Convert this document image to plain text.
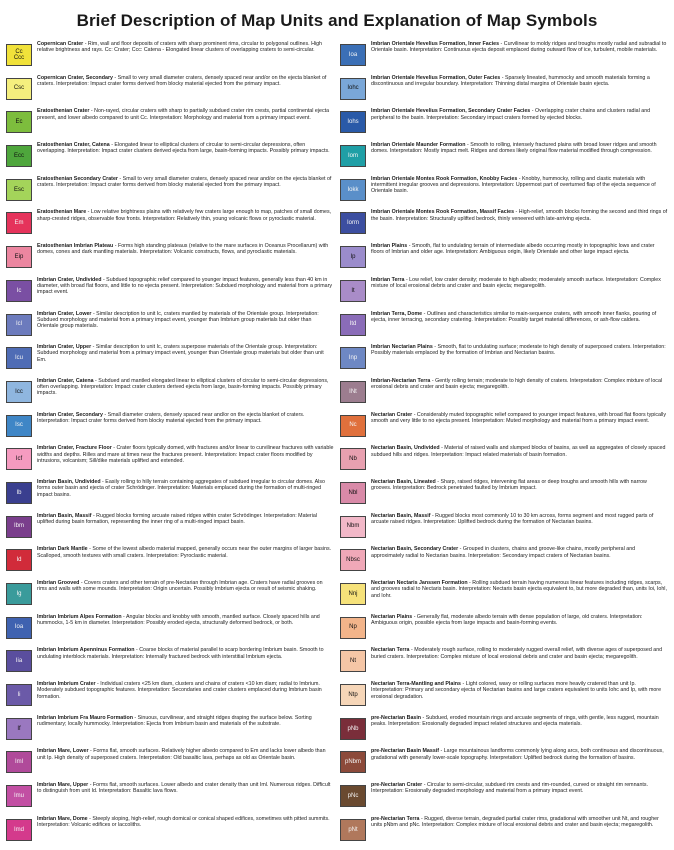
Brief Description of Map Units and Explanation of Map Symbols
Cc
Ccc
Copernican Crater - Rim, wall and floor deposits of craters with sharp prominent rims, circular to polygonal outlines. High relative brightness and rays. Cc: Crater; Ccc: Catena - Elongated linear clusters of overlapping craters to semi-circular.
Csc
Copernican Crater, Secondary - Small to very small diameter craters, densely spaced near and/or on the ejecta blanket of craters. Interpretation: Impact crater forms derived from blocky material ejected from the primary impact.
Ec
Eratosthenian Crater - Non-rayed, circular craters with sharp to partially subdued crater rim crests, partial continental ejecta present, and lower albedo compared to unit Cc. Interpretation: Morphology and material from a primary impact event.
Ecc
Eratosthenian Crater, Catena - Elongated linear to elliptical clusters of circular to semi-circular depressions, often overlapping. Interpretation: Impact crater clusters derived ejecta from large, basin-forming impacts. Possibly primary impacts.
Esc
Eratosthenian Secondary Crater - Small to very small diameter craters, densely spaced near and/or on the ejecta blanket of craters. Interpretation: Impact crater forms derived from blocky material ejected from the primary impact.
Em
Eratosthenian Mare - Low relative brightness plains with relatively few craters large enough to map, patches of small domes, sharp-crested ridges, observable flow fronts. Interpretation: Relatively thin, young volcanic flows or pyroclastic material.
Eip
Eratosthenian Imbrian Plateau - Forms high standing plateaus (relative to the mare surfaces in Oceanus Procellarum) with domes, cones and dark mantling materials. Interpretation: Volcanic constructs, flows, and pyroclastic materials.
Ic
Imbrian Crater, Undivided - Subdued topographic relief compared to younger impact features, generally less than 40 km in diameter, with broad flat floors, and little to no ejecta present. Interpretation: Subdued morphology and material from a primary impact event.
Icl
Imbrian Crater, Lower - Similar description to unit Ic, craters mantled by materials of the Orientale group. Interpretation: Subdued morphology and material from a primary impact event, younger than Imbrium group materials but older than Orientale group materials.
Icu
Imbrian Crater, Upper - Similar description to unit Ic, craters superpose materials of the Orientale group. Interpretation: Subdued morphology and material from a primary impact event, younger than Orientale group materials but older than unit Em.
Icc
Imbrian Crater, Catena - Subdued and mantled elongated linear to elliptical clusters of circular to semi-circular depressions, often overlapping. Interpretation: Impact crater clusters derived ejecta from large, basin-forming impacts. Possibly primary impacts.
Isc
Imbrian Crater, Secondary - Small diameter craters, densely spaced near and/or on the ejecta blanket of craters. Interpretation: Impact crater forms derived from blocky material ejected from the primary impact.
Icf
Imbrian Crater, Fracture Floor - Crater floors typically domed, with fractures and/or linear to curvilinear fractures with variable widths and depths. Rilles and mare at times near the fractures present. Interpretation: Impact crater floors modified by intrusions, volcanism; Sill/dike materials uplifted and extended.
Ib
Imbrian Basin, Undivided - Easily rolling to hilly terrain containing aggregates of subdued irregular to circular domes. Also forms outer basin and ejecta of crater Schrödinger. Interpretation: Materials emplaced during the formation of multi-ringed impact basins.
Ibm
Imbrian Basin, Massif - Rugged blocks forming arcuate raised ridges within crater Schrödinger. Interpretation: Material uplifted during basin formation, representing the inner ring of a multi-ringed impact basin.
Id
Imbrian Dark Mantle - Some of the lowest albedo material mapped, generally occurs near the outer margins of larger basins. Scalloped, smooth textures with small craters. Interpretation: Pyroclastic material.
Ig
Imbrian Grooved - Covers craters and other terrain of pre-Nectarian through Imbrian age. Craters have radial grooves on rims and walls with some mounds. Interpretation: Origin uncertain. Possibly Imbrium ejecta or result of seismic shaking.
Ioa
Imbrian Imbrium Alpes Formation - Angular blocks and knobby with smooth, mantled surface. Closely spaced hills and hummocks, 1-5 km in diameter. Interpretation: Possibly eroded ejecta, structurally deformed bedrock, or both.
Iia
Imbrian Imbrium Apenninus Formation - Coarse blocks of material parallel to scarp bordering Imbrium basin. Smooth to undulating interblock materials. Interpretation: Internally fractured bedrock with interstitial Imbrium ejecta.
Ii
Imbrian Imbrium Crater - Individual craters <25 km diam, clusters and chains of craters <10 km diam; radial to Imbrium. Moderately subdued topographic features. Interpretation: Secondaries and crater clusters emplaced during Imbrium basin formation.
If
Imbrian Imbrium Fra Mauro Formation - Sinuous, curvilinear, and straight ridges draping the surface below. Sorting rudimentary; locally hummocky. Interpretation: Ejecta from Imbrium basin and materials of the substrate.
Iml
Imbrian Mare, Lower - Forms flat, smooth surfaces. Relatively higher albedo compared to Em and lacks lower albedo than unit Ip. High density of superposed craters. Interpretation: Old basaltic lava, perhaps as old as Orientale basin.
Imu
Imbrian Mare, Upper - Forms flat, smooth surfaces. Lower albedo and crater density than unit Iml. Numerous ridges. Difficult to distinguish from unit Id. Interpretation: Basaltic lava flows.
Imd
Imbrian Mare, Dome - Steeply sloping, high-relief, rough domical or conical shaped edifices, sometimes with pitted summits. Interpretation: Volcanic edifices or laccoliths.
Ioa
Imbrian Orientale Hevelius Formation, Inner Facies - Curvilinear to moldy ridges and troughs mostly radial and subradial to Orientale basin. Interpretation: Continuous ejecta deposit emplaced during outward flow of ice, turbulent, mobile materials.
Iohc
Imbrian Orientale Hevelius Formation, Outer Facies - Sparsely lineated, hummocky and smooth materials forming a discontinuous and irregular boundary. Interpretation: Thinning distal margins of Orientale basin ejecta.
Iohs
Imbrian Orientale Hevelius Formation, Secondary Crater Facies - Overlapping crater chains and clusters radial and peripheral to the basin. Interpretation: Secondary impact craters formed by ejected blocks.
Iom
Imbrian Orientale Maunder Formation - Smooth to rolling, intensely fractured plains with broad lower ridges and smooth domes. Interpretation: Mostly impact melt. Ridges and domes likely original flow material modified through compression.
Iokk
Imbrian Orientale Montes Rook Formation, Knobby Facies - Knobby, hummocky, rolling and clastic materials with intermittent irregular grooves and depressions. Interpretation: Uppermost part of overturned flap of the ejecta sequence of Orientale basin.
Iorm
Imbrian Orientale Montes Rook Formation, Massif Facies - High-relief, smooth blocks forming the second and third rings of the basin. Interpretation: Structurally uplifted bedrock, thinly veneered with late-arriving ejecta.
Ip
Imbrian Plains - Smooth, flat to undulating terrain of intermediate albedo occurring mostly in topographic lows and crater floors of Imbrian and older age. Interpretation: Ambiguous origin, likely Orientale and other large impact ejecta.
It
Imbrian Terra - Low relief, low crater density; moderate to high albedo; moderately smooth surface. Interpretation: Complex mixture of local erosional debris and crater and basin ejecta; megaregolith.
Itd
Imbrian Terra, Dome - Outlines and characteristics similar to main-sequence craters, with smooth inner flanks, pouring of ejecta, inner terracing, secondary cratering. Interpretation: Possibly target material differences, or ash-flow caldera.
Inp
Imbrian Nectarian Plains - Smooth, flat to undulating surface; moderate to high density of superposed craters. Interpretation: Possibly materials emplaced by the formation of Imbrian and Nectarian basins.
INt
Imbrian-Nectarian Terra - Gently rolling terrain; moderate to high density of craters. Interpretation: Complex mixture of local erosional debris and crater and basin ejecta; megaregolith.
Nc
Nectarian Crater - Considerably muted topographic relief compared to younger impact features, with broad flat floors typically smooth and very little to no ejecta present. Interpretation: Muted morphology and material from a primary impact event.
Nb
Nectarian Basin, Undivided - Material of raised walls and slumped blocks of basins, as well as aggregates of closely spaced subdued hills and ridges. Interpretation: Impact related materials of basin formation.
Nbl
Nectarian Basin, Lineated - Sharp, raised ridges, intervening flat areas or deep troughs and smooth hills with narrow grooves. Interpretation: Bedrock penetrated faulted by Imbrium impact.
Nbm
Nectarian Basin, Massif - Rugged blocks most commonly 10 to 30 km across, forms segment and most rugged parts of arcuate raised ridges. Interpretation: Uplifted bedrock during the formation of Nectarian basins.
Nbsc
Nectarian Basin, Secondary Crater - Grouped in clusters, chains and groove-like chains, mostly peripheral and approximately radial to Nectarian basins. Interpretation: Secondary impact craters of Nectarian basins.
Nnj
Nectarian Nectaris Janssen Formation - Rolling subdued terrain having numerous linear features including ridges, scarps, and grooves radial to Nectaris basin. Interpretation: Nectaris basin ejecta equivalent to, but more degraded than, units Ioi, Iohl, and Iohr.
Np
Nectarian Plains - Generally flat, moderate albedo terrain with dense population of large, old craters. Interpretation: Ambiguous origin, possible ejecta from large impacts and basin-forming events.
Nt
Nectarian Terra - Moderately rough surface, rolling to moderately rugged overall relief, with diverse ages of superposed and buried craters. Interpretation: Complex mixture of local erosional debris and crater and basin ejecta; megaregolith.
Ntp
Nectarian Terra-Mantling and Plains - Light colored, wavy or rolling surfaces more heavily cratered than unit Ip. Interpretation: Primary and secondary ejecta of Nectarian basins and large craters equivalent to units Iohc and Ip, with more erosional degradation.
pNb
pre-Nectarian Basin - Subdued, eroded mountain rings and arcuate segments of rings, with gentle, less rugged, mountain peaks. Interpretation: Erosionally degraded impact related structures and ejecta materials.
pNbm
pre-Nectarian Basin Massif - Large mountainous landforms commonly lying along arcs, both continuous and discontinuous, gradational with generally lower-scale topography. Interpretation: Uplifted bedrock during the formation of basins.
pNc
pre-Nectarian Crater - Circular to semi-circular, subdued rim crests and rim-rounded, curved or straight rim remnants. Interpretation: Erosionally degraded morphology and material from a primary impact event.
pNt
pre-Nectarian Terra - Rugged, diverse terrain, degraded partial crater rims, gradational with smoother unit Nt, and rougher units pNbm and pNc. Interpretation: Complex mixture of local erosional debris and crater and basin ejecta; megaregolith.
